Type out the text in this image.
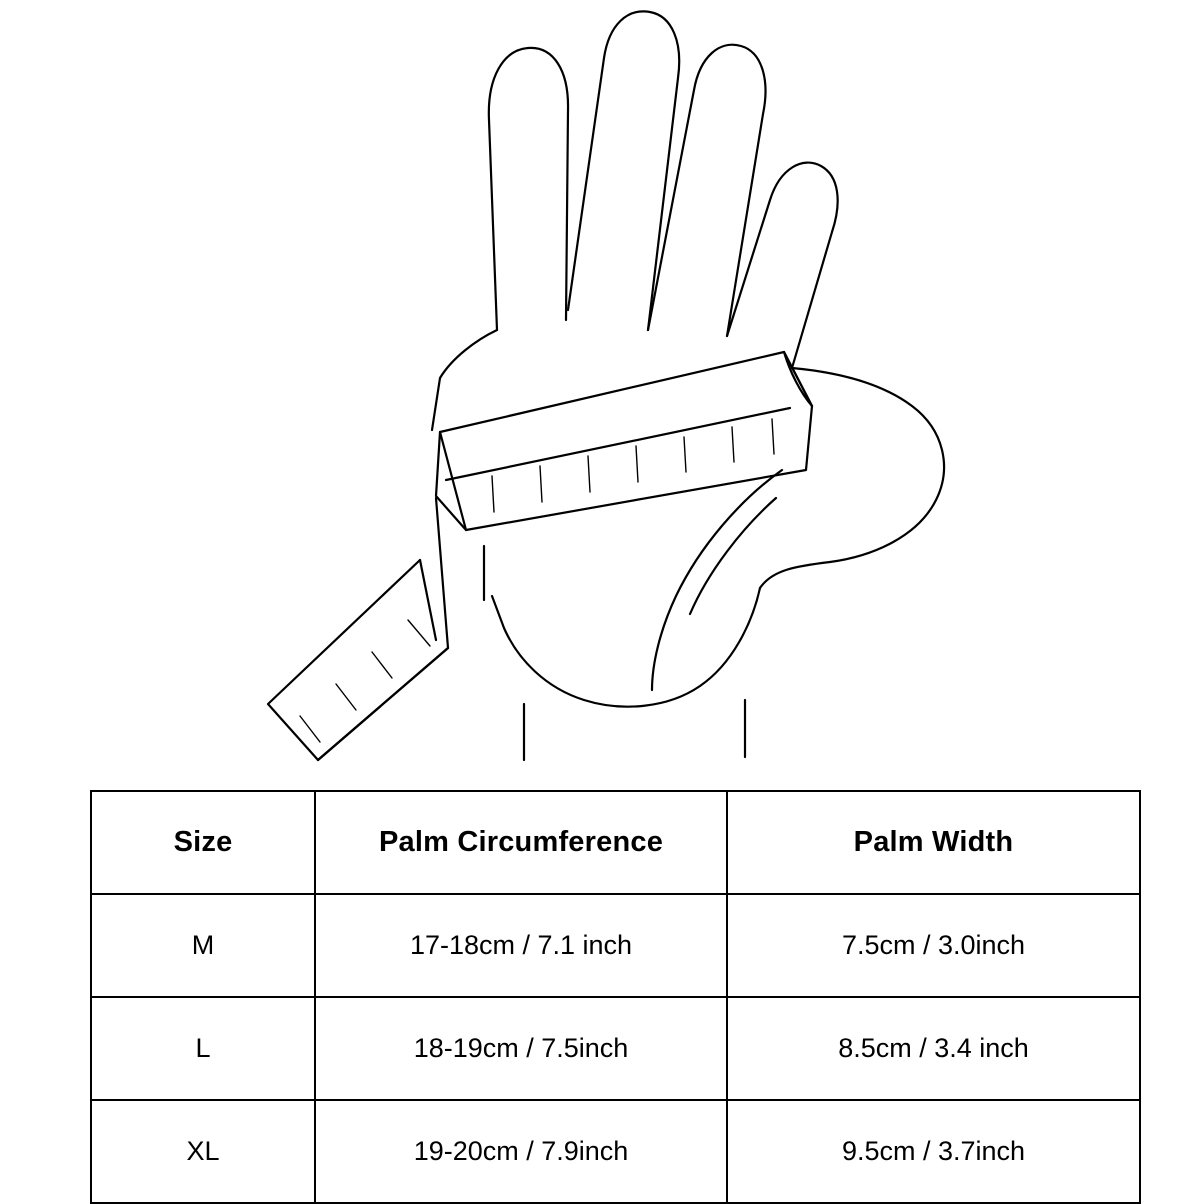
Size	Palm Circumference	Palm Width
M	17-18cm / 7.1 inch	7.5cm / 3.0inch
L	18-19cm / 7.5inch	8.5cm / 3.4 inch
XL	19-20cm / 7.9inch	9.5cm / 3.7inch
